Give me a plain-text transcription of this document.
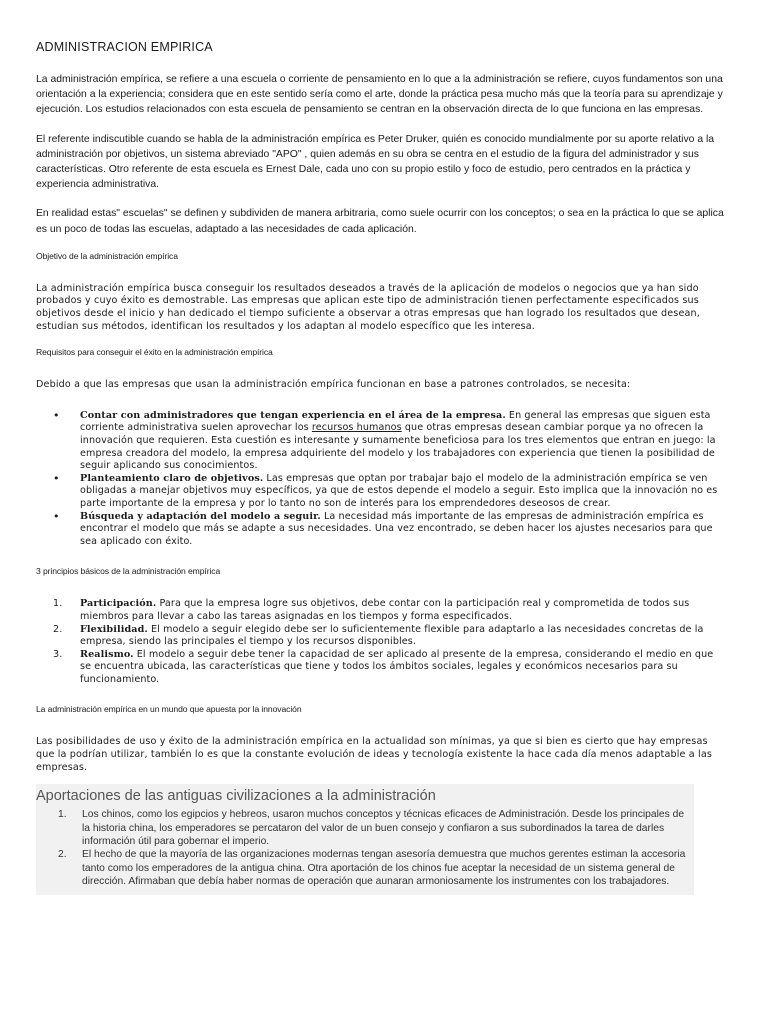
ADMINISTRACION EMPIRICA

La administración empírica, se refiere a una escuela o corriente de pensamiento en lo que a la administración se refiere, cuyos fundamentos son una orientación a la experiencia; considera que en este sentido sería como el arte, donde la práctica pesa mucho más que la teoría para su aprendizaje y ejecución. Los estudios relacionados con esta escuela de pensamiento se centran en la observación directa de lo que funciona en las empresas.

El referente indiscutible cuando se habla de la administración empírica es Peter Druker, quién es conocido mundialmente por su aporte relativo a la administración por objetivos, un sistema abreviado "APO" , quien además en su obra se centra en el estudio de la figura del administrador y sus características. Otro referente de esta escuela es Ernest Dale, cada uno con su propio estilo y foco de estudio, pero centrados en la práctica y experiencia administrativa.

En realidad estas" escuelas" se definen y subdividen de manera arbitraria, como suele ocurrir con los conceptos; o sea en la práctica lo que se aplica es un poco de todas las escuelas, adaptado a las necesidades de cada aplicación.

Objetivo de la administración empírica

La administración empírica busca conseguir los resultados deseados a través de la aplicación de modelos o negocios que ya han sido probados y cuyo éxito es demostrable. Las empresas que aplican este tipo de administración tienen perfectamente especificados sus objetivos desde el inicio y han dedicado el tiempo suficiente a observar a otras empresas que han logrado los resultados que desean, estudian sus métodos, identifican los resultados y los adaptan al modelo específico que les interesa.

Requisitos para conseguir el éxito en la administración empírica

Debido a que las empresas que usan la administración empírica funcionan en base a patrones controlados, se necesita:

• Contar con administradores que tengan experiencia en el área de la empresa. En general las empresas que siguen esta corriente administrativa suelen aprovechar los recursos humanos que otras empresas desean cambiar porque ya no ofrecen la innovación que requieren. Esta cuestión es interesante y sumamente beneficiosa para los tres elementos que entran en juego: la empresa creadora del modelo, la empresa adquiriente del modelo y los trabajadores con experiencia que tienen la posibilidad de seguir aplicando sus conocimientos.
• Planteamiento claro de objetivos. Las empresas que optan por trabajar bajo el modelo de la administración empírica se ven obligadas a manejar objetivos muy específicos, ya que de estos depende el modelo a seguir. Esto implica que la innovación no es parte importante de la empresa y por lo tanto no son de interés para los emprendedores deseosos de crear.
• Búsqueda y adaptación del modelo a seguir. La necesidad más importante de las empresas de administración empírica es encontrar el modelo que más se adapte a sus necesidades. Una vez encontrado, se deben hacer los ajustes necesarios para que sea aplicado con éxito.
3 principios básicos de la administración empírica
1. Participación. Para que la empresa logre sus objetivos, debe contar con la participación real y comprometida de todos sus miembros para llevar a cabo las tareas asignadas en los tiempos y forma especificados.
2. Flexibilidad. El modelo a seguir elegido debe ser lo suficientemente flexible para adaptarlo a las necesidades concretas de la empresa, siendo las principales el tiempo y los recursos disponibles.
3. Realismo. El modelo a seguir debe tener la capacidad de ser aplicado al presente de la empresa, considerando el medio en que se encuentra ubicada, las características que tiene y todos los ámbitos sociales, legales y económicos necesarios para su funcionamiento.
La administración empírica en un mundo que apuesta por la innovación

Las posibilidades de uso y éxito de la administración empírica en la actualidad son mínimas, ya que si bien es cierto que hay empresas que la podrían utilizar, también lo es que la constante evolución de ideas y tecnología existente la hace cada día menos adaptable a las empresas.

Aportaciones de las antiguas civilizaciones a la administración
1. Los chinos, como los egipcios y hebreos, usaron muchos conceptos y técnicas eficaces de Administración. Desde los principales de la historia china, los emperadores se percataron del valor de un buen consejo y confiaron a sus subordinados la tarea de darles información útil para gobernar el imperio.
2. El hecho de que la mayoría de las organizaciones modernas tengan asesoría demuestra que muchos gerentes estiman la accesoria tanto como los emperadores de la antigua china. Otra aportación de los chinos fue aceptar la necesidad de un sistema general de dirección. Afirmaban que debía haber normas de operación que aunaran armoniosamente los instrumentes con los trabajadores.
